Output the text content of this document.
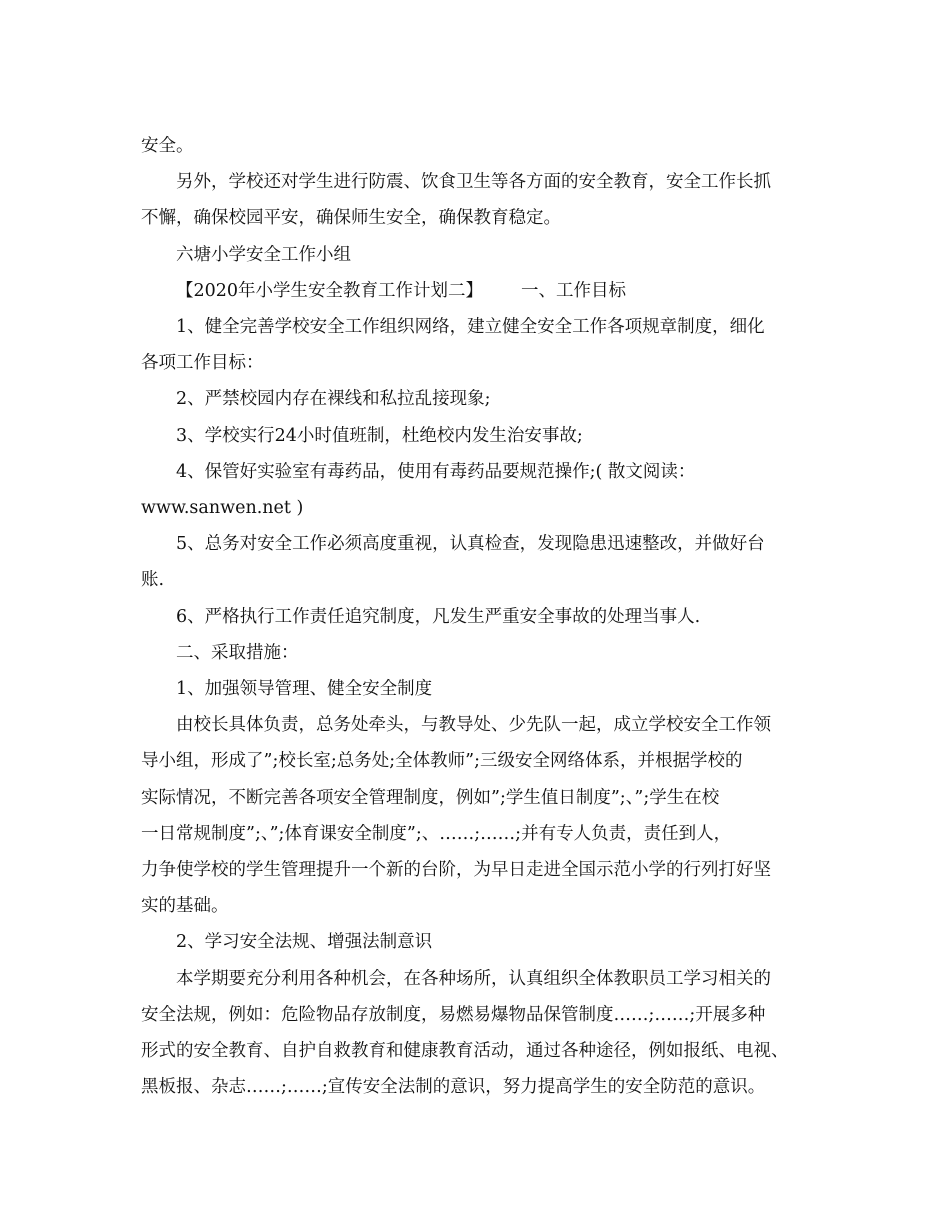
安全。

另外，学校还对学生进行防震、饮食卫生等各方面的安全教育，安全工作长抓

不懈，确保校园平安，确保师生安全，确保教育稳定。

六塘小学安全工作小组

【2020年小学生安全教育工作计划二】 一、工作目标

1、健全完善学校安全工作组织网络，建立健全安全工作各项规章制度，细化

各项工作目标：

2、严禁校园内存在裸线和私拉乱接现象;

3、学校实行24小时值班制，杜绝校内发生治安事故;

4、保管好实验室有毒药品，使用有毒药品要规范操作;( 散文阅读：

www.sanwen.net )

5、总务对安全工作必须高度重视，认真检查，发现隐患迅速整改，并做好台

账.

6、严格执行工作责任追究制度，凡发生严重安全事故的处理当事人.

二、采取措施：

1、加强领导管理、健全安全制度

由校长具体负责，总务处牵头，与教导处、少先队一起，成立学校安全工作领

导小组，形成了”;校长室;总务处;全体教师”;三级安全网络体系，并根据学校的

实际情况，不断完善各项安全管理制度，例如”;学生值日制度”;、”;学生在校

一日常规制度”;、”;体育课安全制度”;、……;……;并有专人负责，责任到人，

力争使学校的学生管理提升一个新的台阶，为早日走进全国示范小学的行列打好坚

实的基础。

2、学习安全法规、增强法制意识

本学期要充分利用各种机会，在各种场所，认真组织全体教职员工学习相关的

安全法规，例如：危险物品存放制度，易燃易爆物品保管制度……;……;开展多种

形式的安全教育、自护自救教育和健康教育活动，通过各种途径，例如报纸、电视、

黑板报、杂志……;……;宣传安全法制的意识，努力提高学生的安全防范的意识。
